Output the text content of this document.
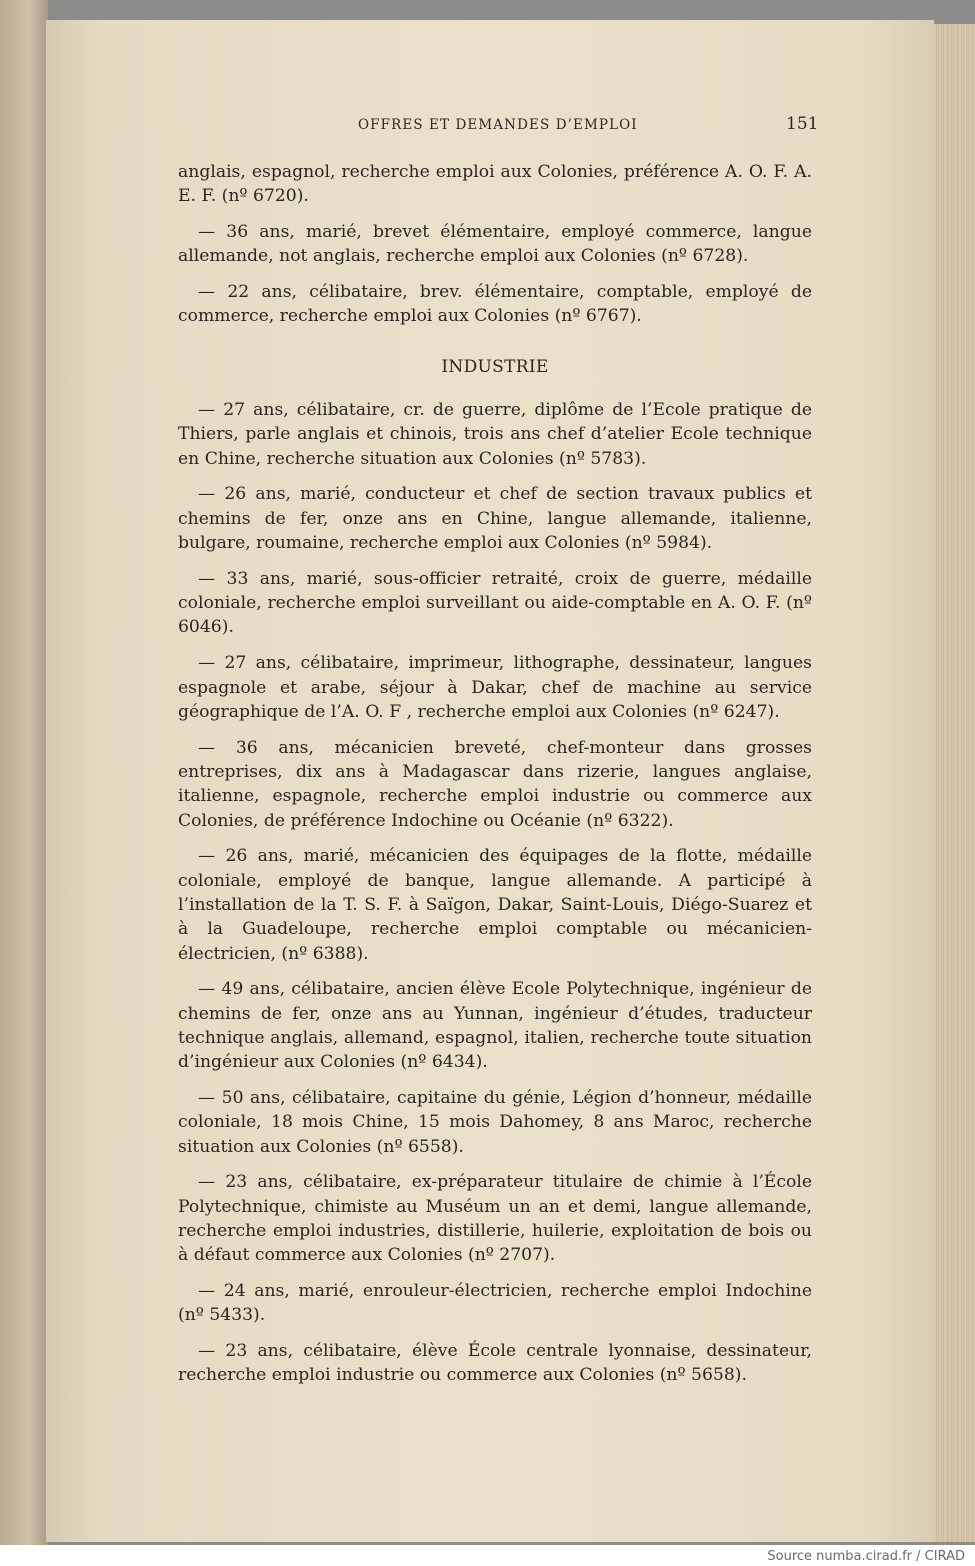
OFFRES ET DEMANDES D’EMPLOI	151

anglais, espagnol, recherche emploi aux Colonies, préférence A. O. F. A. E. F. (nº 6720).

— 36 ans, marié, brevet élémentaire, employé commerce, langue allemande, not anglais, recherche emploi aux Colonies (nº 6728).

— 22 ans, célibataire, brev. élémentaire, comptable, employé de commerce, recherche emploi aux Colonies (nº 6767).

INDUSTRIE

— 27 ans, célibataire, cr. de guerre, diplôme de l’Ecole pratique de Thiers, parle anglais et chinois, trois ans chef d’atelier Ecole technique en Chine, recherche situation aux Colonies (nº 5783).

— 26 ans, marié, conducteur et chef de section travaux publics et chemins de fer, onze ans en Chine, langue allemande, italienne, bulgare, roumaine, recherche emploi aux Colonies (nº 5984).

— 33 ans, marié, sous-officier retraité, croix de guerre, médaille coloniale, recherche emploi surveillant ou aide-comptable en A. O. F. (nº 6046).

— 27 ans, célibataire, imprimeur, lithographe, dessinateur, langues espagnole et arabe, séjour à Dakar, chef de machine au service géographique de l’A. O. F , recherche emploi aux Colonies (nº 6247).

— 36 ans, mécanicien breveté, chef-monteur dans grosses entreprises, dix ans à Madagascar dans rizerie, langues anglaise, italienne, espagnole, recherche emploi industrie ou commerce aux Colonies, de préférence Indochine ou Océanie (nº 6322).

— 26 ans, marié, mécanicien des équipages de la flotte, médaille coloniale, employé de banque, langue allemande. A participé à l’installation de la T. S. F. à Saïgon, Dakar, Saint-Louis, Diégo-Suarez et à la Guadeloupe, recherche emploi comptable ou mécanicien-électricien, (nº 6388).

— 49 ans, célibataire, ancien élève Ecole Polytechnique, ingénieur de chemins de fer, onze ans au Yunnan, ingénieur d’études, traducteur technique anglais, allemand, espagnol, italien, recherche toute situation d’ingénieur aux Colonies (nº 6434).

— 50 ans, célibataire, capitaine du génie, Légion d’honneur, médaille coloniale, 18 mois Chine, 15 mois Dahomey, 8 ans Maroc, recherche situation aux Colonies (nº 6558).

— 23 ans, célibataire, ex-préparateur titulaire de chimie à l’École Polytechnique, chimiste au Muséum un an et demi, langue allemande, recherche emploi industries, distillerie, huilerie, exploitation de bois ou à défaut commerce aux Colonies (nº 2707).

— 24 ans, marié, enrouleur-électricien, recherche emploi Indochine (nº 5433).

— 23 ans, célibataire, élève École centrale lyonnaise, dessinateur, recherche emploi industrie ou commerce aux Colonies (nº 5658).

Source numba.cirad.fr / CIRAD
